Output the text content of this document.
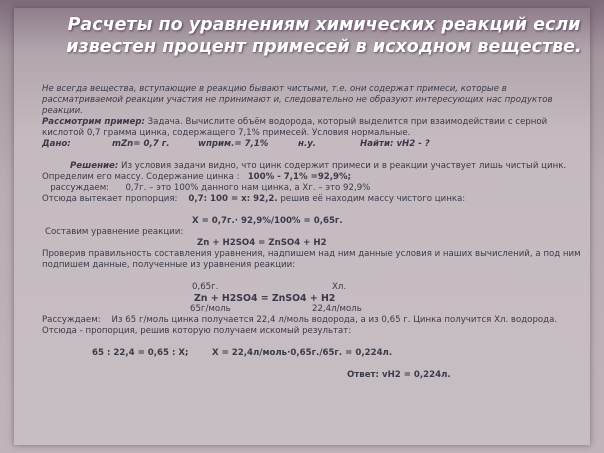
Расчеты по уравнениям химических реакций если известен процент примесей в исходном веществе.

Не всегда вещества, вступающие в реакцию бывают чистыми, т.е. они содержат примеси, которые в рассматриваемой реакции участия не принимают и, следовательно не образуют интересующих нас продуктов реакции.

Рассмотрим пример: Задача. Вычислите объём водорода, который выделится при взаимодействии с серной кислотой 0,7 грамма цинка, содержащего 7,1% примесей. Условия нормальные.

Дано:	mZn= 0,7 г.	wприм.= 7,1%	н.у.	Найти: vH2 - ?

Решение: Из условия задачи видно, что цинк содержит примеси и в реакции участвует лишь чистый цинк. Определим его массу. Содержание цинка : 100% - 7,1% =92,9%;

рассуждаем: 0,7г. – это 100% данного нам цинка, а Хг. – это 92,9%

Отсюда вытекает пропорция: 0,7: 100 = х: 92,2. решив её находим массу чистого цинка:

X = 0,7г.· 92,9%/100% = 0,65г.

Составим уравнение реакции:

Zn + H2SO4 = ZnSO4 + H2

Проверив правильность составления уравнения, надпишем над ним данные условия и наших вычислений, а под ним подпишем данные, полученные из уравнения реакции:

0,65г.	Хл.

Zn + H2SO4 = ZnSO4 + H2

65г/моль	22,4л/моль

Рассуждаем: Из 65 г/моль цинка получается 22,4 л/моль водорода, а из 0,65 г. Цинка получится Хл. водорода. Отсюда - пропорция, решив которую получаем искомый результат:

65 : 22,4 = 0,65 : X;	X = 22,4л/моль·0,65г./65г. = 0,224л.

Ответ: vH2 = 0,224л.
